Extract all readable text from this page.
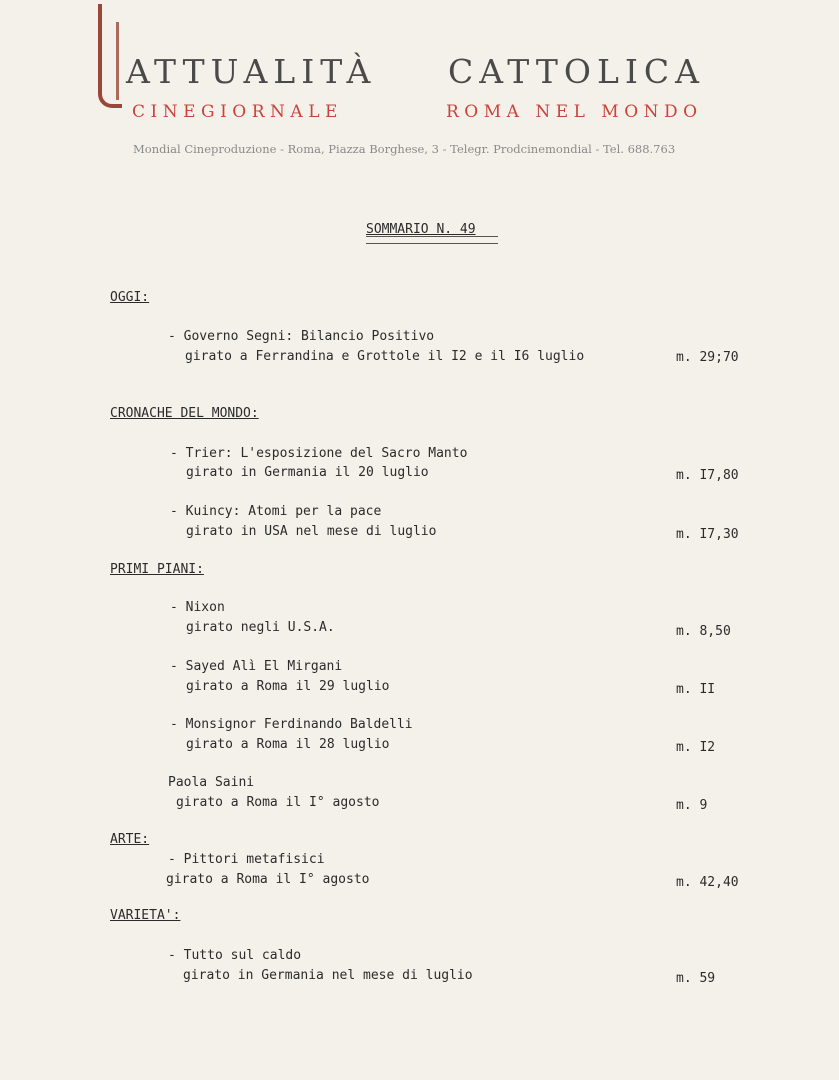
ATTUALITÀ CATTOLICA
CINEGIORNALE	ROMA NEL MONDO
Mondial Cineproduzione - Roma, Piazza Borghese, 3 - Telegr. Prodcinemondial - Tel. 688.763
SOMMARIO N. 49
OGGI:
- Governo Segni: Bilancio Positivo
girato a Ferrandina e Grottole il I2 e il I6 luglio	m. 29;70
CRONACHE DEL MONDO:
- Trier: L'esposizione del Sacro Manto
girato in Germania il 20 luglio	m. I7,80
- Kuincy: Atomi per la pace
girato in USA nel mese di luglio	m. I7,30
PRIMI PIANI:
- Nixon
girato negli U.S.A.	m. 8,50
- Sayed Alì El Mirgani
girato a Roma il 29 luglio	m. II
- Monsignor Ferdinando Baldelli
girato a Roma il 28 luglio	m. I2
Paola Saini
girato a Roma il I° agosto	m. 9
ARTE:
- Pittori metafisici
girato a Roma il I° agosto	m. 42,40
VARIETA':
- Tutto sul caldo
girato in Germania nel mese di luglio	m. 59
